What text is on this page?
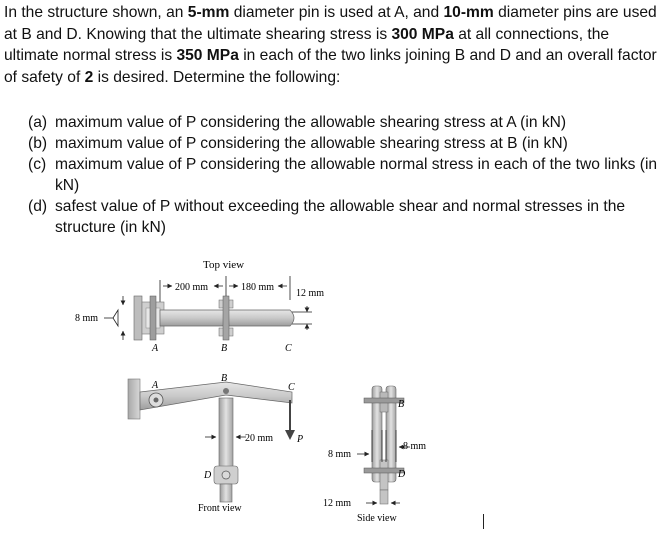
In the structure shown, an 5-mm diameter pin is used at A, and 10-mm diameter pins are used at B and D. Knowing that the ultimate shearing stress is 300 MPa at all connections, the ultimate normal stress is 350 MPa in each of the two links joining B and D and an overall factor of safety of 2 is desired. Determine the following:

(a) maximum value of P considering the allowable shearing stress at A (in kN)
(b) maximum value of P considering the allowable shearing stress at B (in kN)
(c) maximum value of P considering the allowable normal stress in each of the two links (in kN)
(d) safest value of P without exceeding the allowable shear and normal stresses in the structure (in kN)
Top view
200 mm	180 mm
12 mm
8 mm
A	B	C
20 mm
A
B
C
P
D
Front view
8 mm
8 mm
12 mm
B
D
Side view
